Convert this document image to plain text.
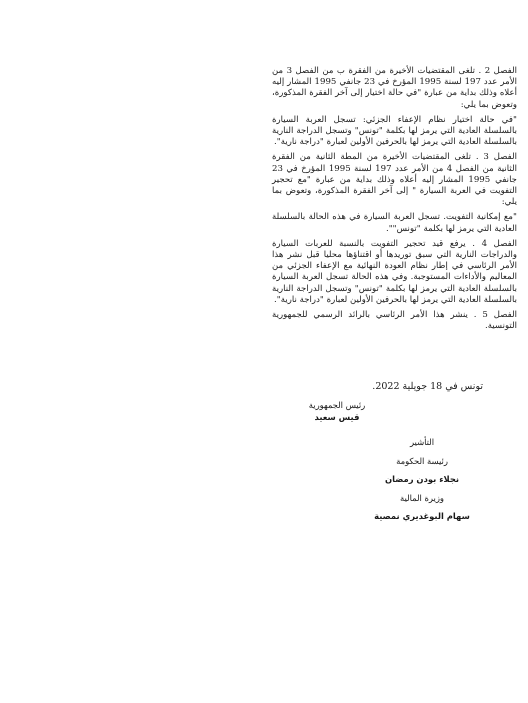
الفصل 2 . تلغى المقتضيات الأخيرة من الفقرة ب من الفصل 3 من الأمر عدد 197 لسنة 1995 المؤرخ في 23 جانفي 1995 المشار إليه أعلاه وذلك بداية من عبارة "في حالة اختيار إلى آخر الفقرة المذكورة، وتعوض بما يلي:

"في حالة اختيار نظام الإعفاء الجزئي: تسجل العربة السيارة بالسلسلة العادية التي يرمز لها بكلمة "تونس" وتسجل الدراجة النارية بالسلسلة العادية التي يرمز لها بالحرفين الأولين لعبارة "دراجة نارية".

الفصل 3 . تلغى المقتضيات الأخيرة من المطة الثانية من الفقرة الثانية من الفصل 4 من الأمر عدد 197 لسنة 1995 المؤرخ في 23 جانفي 1995 المشار إليه أعلاه وذلك بداية من عبارة "مع تحجير التفويت في العربة السيارة " إلى آخر الفقرة المذكورة، وتعوض بما يلي:

"مع إمكانية التفويت. تسجل العربة السيارة في هذه الحالة بالسلسلة العادية التي يرمز لها بكلمة "تونس"".

الفصل 4 . يرفع قيد تحجير التفويت بالنسبة للعربات السيارة والدراجات النارية التي سبق توريدها أو اقتناؤها محليا قبل نشر هذا الأمر الرئاسي في إطار نظام العودة النهائية مع الإعفاء الجزئي من المعاليم والأداءات المستوجبة. وفي هذه الحالة تسجل العربة السيارة بالسلسلة العادية التي يرمز لها بكلمة "تونس" وتسجل الدراجة النارية بالسلسلة العادية التي يرمز لها بالحرفين الأولين لعبارة "دراجة نارية".

الفصل 5 . ينشر هذا الأمر الرئاسي بالرائد الرسمي للجمهورية التونسية.

تونس في 18 جويلية 2022.
رئيس الجمهورية
قيس سعيد
التأشير
رئيسة الحكومة
نجلاء بودن رمضان
وزيرة المالية
سهام البوغديري نمصية
